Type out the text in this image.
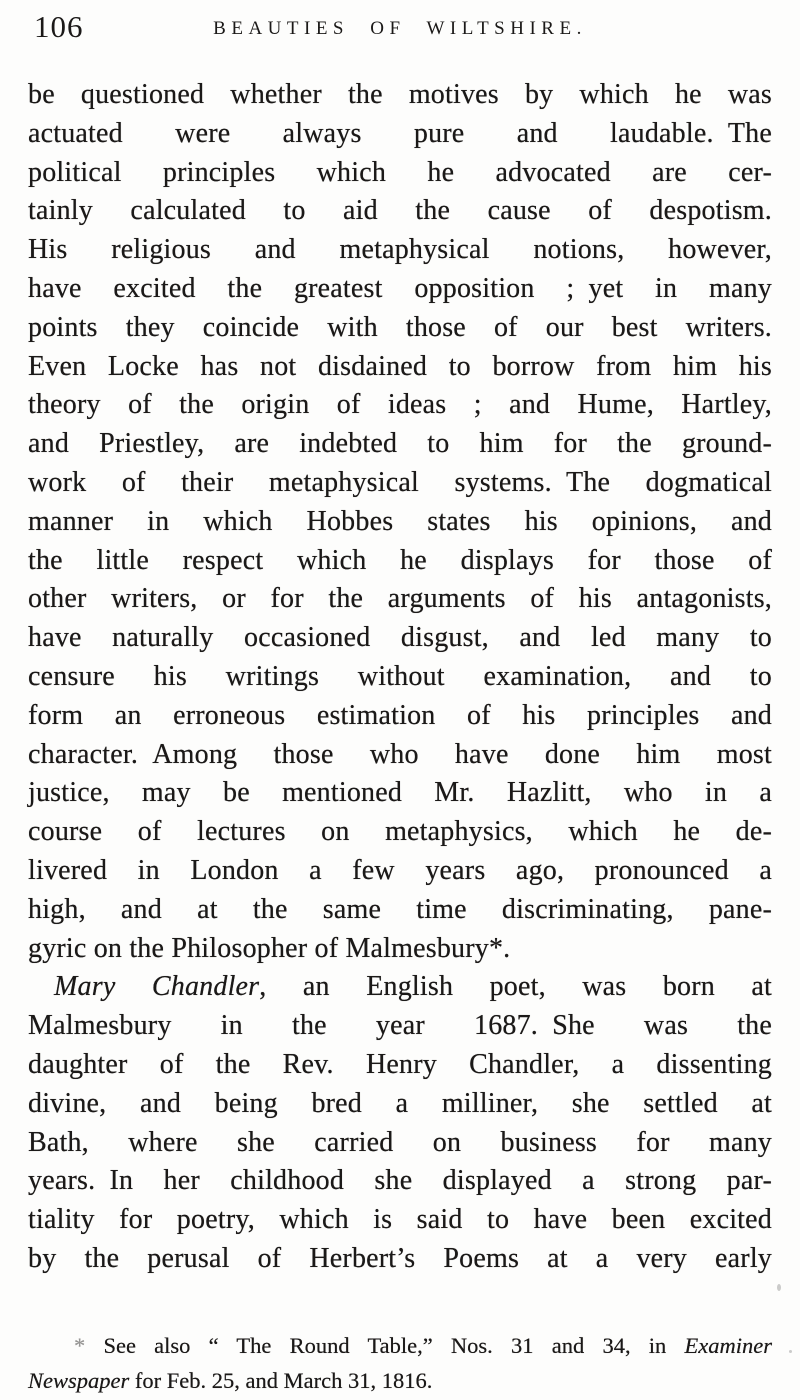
106	BEAUTIES OF WILTSHIRE.
be questioned whether the motives by which he was
actuated were always pure and laudable. The
political principles which he advocated are cer-
tainly calculated to aid the cause of despotism.
His religious and metaphysical notions, however,
have excited the greatest opposition ; yet in many
points they coincide with those of our best writers.
Even Locke has not disdained to borrow from him his
theory of the origin of ideas ; and Hume, Hartley,
and Priestley, are indebted to him for the ground-
work of their metaphysical systems. The dogmatical
manner in which Hobbes states his opinions, and
the little respect which he displays for those of
other writers, or for the arguments of his antagonists,
have naturally occasioned disgust, and led many to
censure his writings without examination, and to
form an erroneous estimation of his principles and
character. Among those who have done him most
justice, may be mentioned Mr. Hazlitt, who in a
course of lectures on metaphysics, which he de-
livered in London a few years ago, pronounced a
high, and at the same time discriminating, pane-
gyric on the Philosopher of Malmesbury*.
Mary Chandler, an English poet, was born at
Malmesbury in the year 1687. She was the
daughter of the Rev. Henry Chandler, a dissenting
divine, and being bred a milliner, she settled at
Bath, where she carried on business for many
years. In her childhood she displayed a strong par-
tiality for poetry, which is said to have been excited
by the perusal of Herbert’s Poems at a very early
* See also “ The Round Table,” Nos. 31 and 34, in Examiner
Newspaper for Feb. 25, and March 31, 1816.
